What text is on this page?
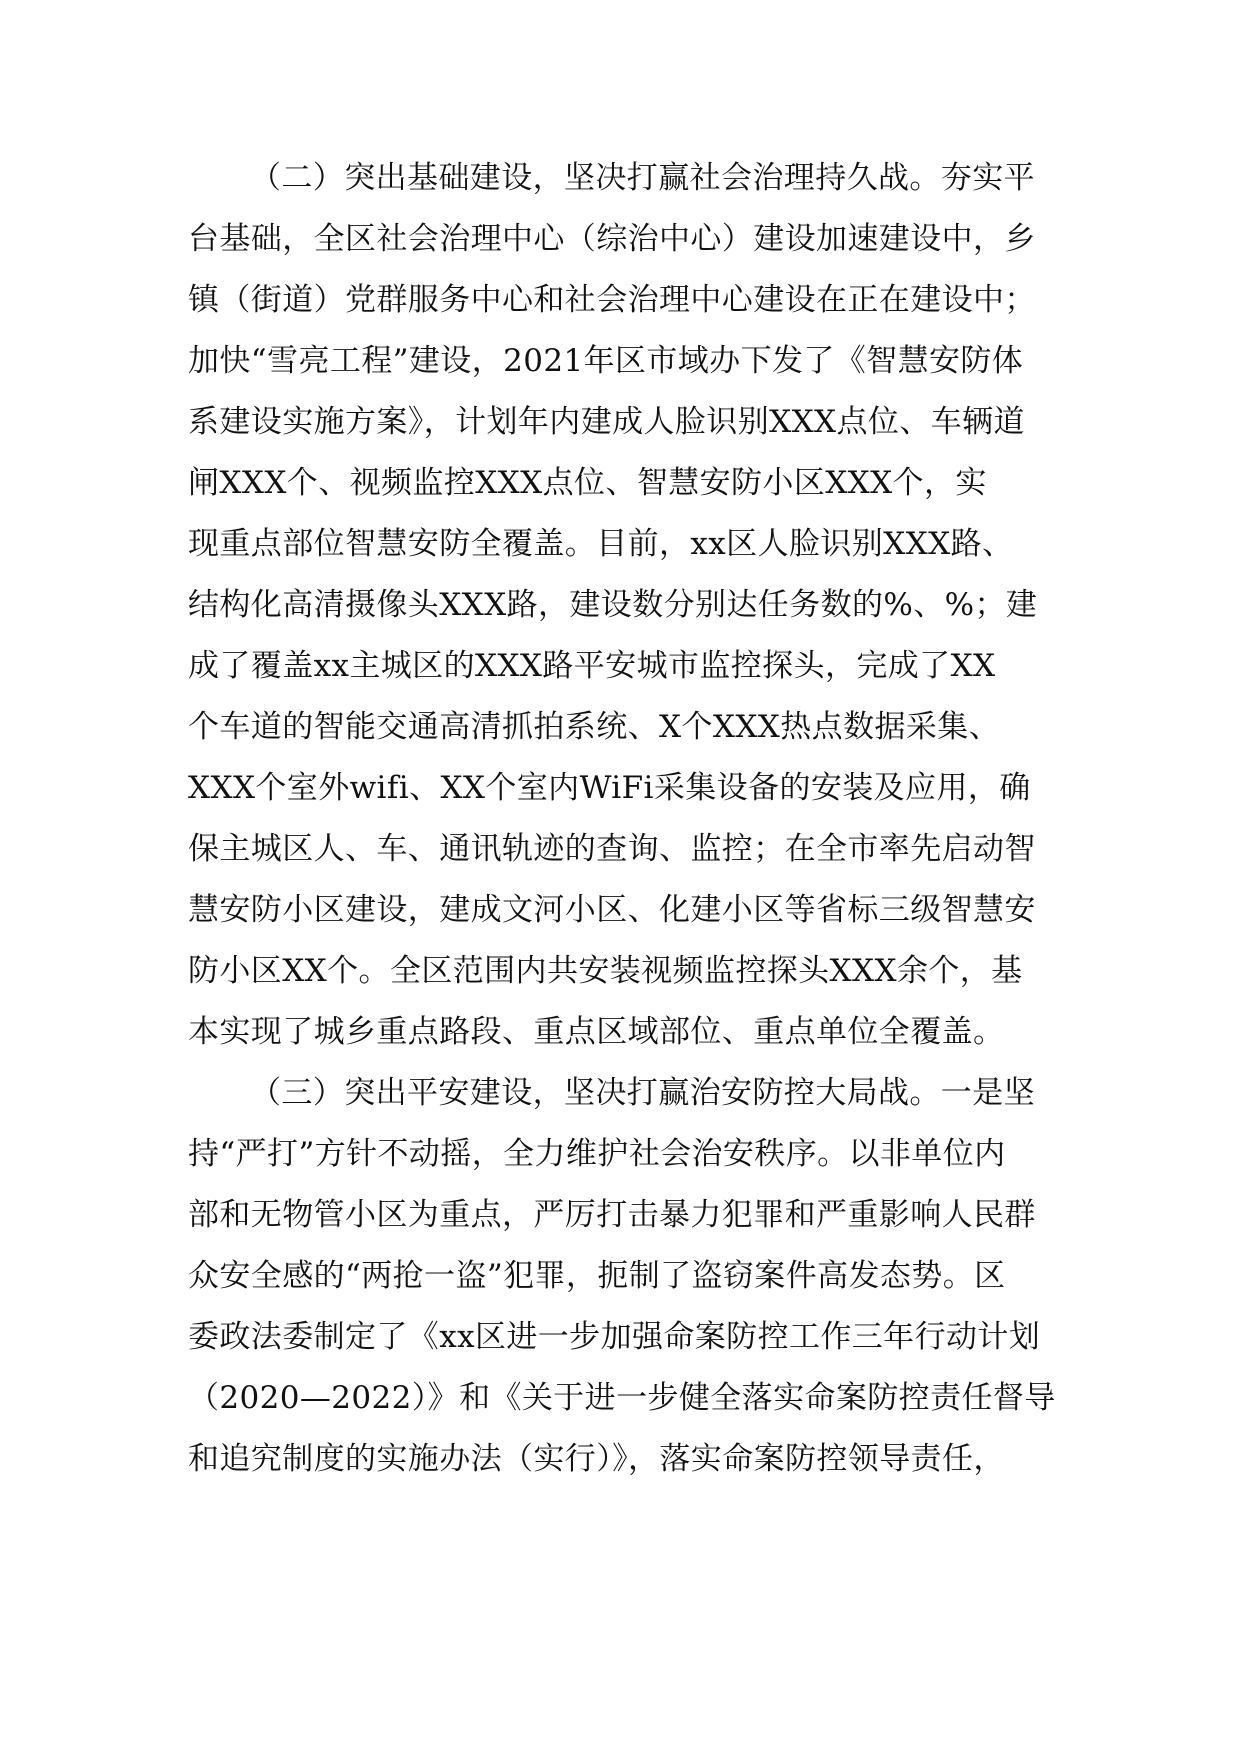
（二）突出基础建设，坚决打赢社会治理持久战。夯实平
台基础，全区社会治理中心（综治中心）建设加速建设中，乡
镇（街道）党群服务中心和社会治理中心建设在正在建设中；
加快“雪亮工程”建设，2021年区市域办下发了《智慧安防体
系建设实施方案》，计划年内建成人脸识别XXX点位、车辆道
闸XXX个、视频监控XXX点位、智慧安防小区XXX个，实
现重点部位智慧安防全覆盖。目前，xx区人脸识别XXX路、
结构化高清摄像头XXX路，建设数分别达任务数的%、%；建
成了覆盖xx主城区的XXX路平安城市监控探头，完成了XX
个车道的智能交通高清抓拍系统、X个XXX热点数据采集、
XXX个室外wifi、XX个室内WiFi采集设备的安装及应用，确
保主城区人、车、通讯轨迹的查询、监控；在全市率先启动智
慧安防小区建设，建成文河小区、化建小区等省标三级智慧安
防小区XX个。全区范围内共安装视频监控探头XXX余个，基
本实现了城乡重点路段、重点区域部位、重点单位全覆盖。
（三）突出平安建设，坚决打赢治安防控大局战。一是坚
持“严打”方针不动摇，全力维护社会治安秩序。以非单位内
部和无物管小区为重点，严厉打击暴力犯罪和严重影响人民群
众安全感的“两抢一盗”犯罪，扼制了盗窃案件高发态势。区
委政法委制定了《xx区进一步加强命案防控工作三年行动计划
（2020—2022）》和《关于进一步健全落实命案防控责任督导
和追究制度的实施办法（实行）》，落实命案防控领导责任，
